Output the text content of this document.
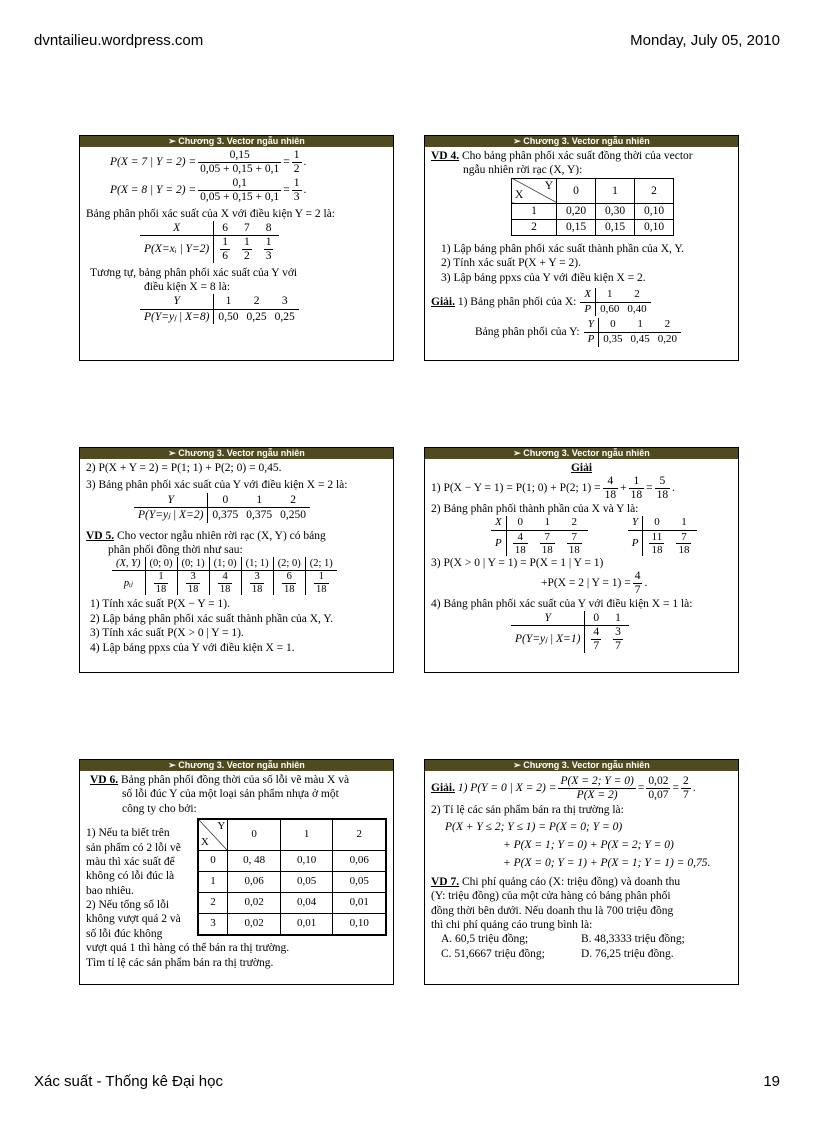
dvntailieu.wordpress.com	Monday, July 05, 2010
➢ Chương 3. Vector ngẫu nhiên
P(X = 7 | $Y = 2) = \frac{0,15}{0,05 + 0,15 + 0,1} = \frac{1}{2}$ .
P(X = 8 | $Y = 2) = \frac{0,1}{0,05 + 0,15 + 0,1} = \frac{1}{3}$ .
Bảng phân phối xác suất của X với điều kiện Y = 2 là:
X	6	7	8
P(X=xᵢ | Y=2)	$\frac{1}{6}$	$\frac{1}{2}$	$\frac{1}{3}$
Tương tự, bảng phân phối xác suất của Y với
điều kiện X = 8 là:
Y	1	2	3
P(Y=yⱼ | X=8)	0,50	0,25	0,25
➢ Chương 3. Vector ngẫu nhiên
VD 4. Cho bảng phân phối xác suất đồng thời của vector
ngẫu nhiên rời rạc (X, Y):
Y
X	0	1	2
1	0,20	0,30	0,10
2	0,15	0,15	0,10
1) Lập bảng phân phối xác suất thành phần của X, Y.
2) Tính xác suất P(X + Y = 2).
3) Lập bảng ppxs của Y với điều kiện X = 2.
Giải.
1) Bảng phân phối của X:
X	1	2
P	0,60	0,40
Bảng phân phối của Y:
Y	0	1	2
P	0,35	0,45	0,20
➢ Chương 3. Vector ngẫu nhiên
2) P(X + Y = 2) = P(1; 1) + P(2; 0) = 0,45.
3) Bảng phân phối xác suất của Y với điều kiện X = 2 là:
Y	0	1	2
P(Y=yⱼ | X=2)	0,375	0,375	0,250
VD 5. Cho vector ngẫu nhiên rời rạc (X, Y) có bảng
phân phối đồng thời như sau:
(X, Y)	(0; 0)	(0; 1)	(1; 0)	(1; 1)	(2; 0)	(2; 1)
pᵢⱼ	$\frac{1}{18}$	$\frac{3}{18}$	$\frac{4}{18}$	$\frac{3}{18}$	$\frac{6}{18}$	$\frac{1}{18}$
1) Tính xác suất P(X − Y = 1).
2) Lập bảng phân phối xác suất thành phần của X, Y.
3) Tính xác suất P(X > 0 | Y = 1).
4) Lập bảng ppxs của Y với điều kiện X = 1.
➢ Chương 3. Vector ngẫu nhiên
Giải
1) P(X − Y = 1) = P(1; 0) + P(2; $1) = \frac{4}{18} + \frac{1}{18} = \frac{5}{18}$ .
2) Bảng phân phối thành phần của X và Y là:
X	0	1	2
P	$\frac{4}{18}$	$\frac{7}{18}$	$\frac{7}{18}$
Y	0	1
P	$\frac{11}{18}$	$\frac{7}{18}$
3) P(X > 0 | Y = 1) = P(X = 1 | Y = 1)
+P(X = 2 | $Y = 1) = \frac{4}{7}$ .
4) Bảng phân phối xác suất của Y với điều kiện X = 1 là:
Y	0	1
P(Y=yⱼ | X=1)	$\frac{4}{7}$	$\frac{3}{7}$
➢ Chương 3. Vector ngẫu nhiên
VD 6. Bảng phân phối đồng thời của số lỗi vẽ màu X và
số lỗi đúc Y của một loại sản phẩm nhựa ở một
công ty cho bởi:
1) Nếu ta biết trên
sản phẩm có 2 lỗi vẽ
màu thì xác suất để
không có lỗi đúc là
bao nhiêu.
2) Nếu tổng số lỗi
không vượt quá 2 và
số lỗi đúc không
Y
X	0	1	2
0	0, 48	0,10	0,06
1	0,06	0,05	0,05
2	0,02	0,04	0,01
3	0,02	0,01	0,10
vượt quá 1 thì hàng có thể bán ra thị trường.
Tìm tỉ lệ các sản phẩm bán ra thị trường.
➢ Chương 3. Vector ngẫu nhiên
Giải.
1) P(Y = 0 | $X = 2) = \frac{P(X = 2; Y = 0)}{P(X = 2)} = \frac{0,02}{0,07} = \frac{2}{7}$ .
2) Tỉ lệ các sản phẩm bán ra thị trường là:
P(X + Y ≤ 2; Y ≤ 1) = P(X = 0; Y = 0)
+ P(X = 1; Y = 0) + P(X = 2; Y = 0)
+ P(X = 0; Y = 1) + P(X = 1; Y = 1) = 0,75.
VD 7. Chi phí quảng cáo (X: triệu đồng) và doanh thu
(Y: triệu đồng) của một cửa hàng có bảng phân phối
đồng thời bên dưới. Nếu doanh thu là 700 triệu đồng
thì chi phí quảng cáo trung bình là:
A. 60,5 triệu đồng;	B. 48,3333 triệu đồng;
C. 51,6667 triệu đồng;	D. 76,25 triệu đồng.
Xác suất - Thống kê Đại học	19
